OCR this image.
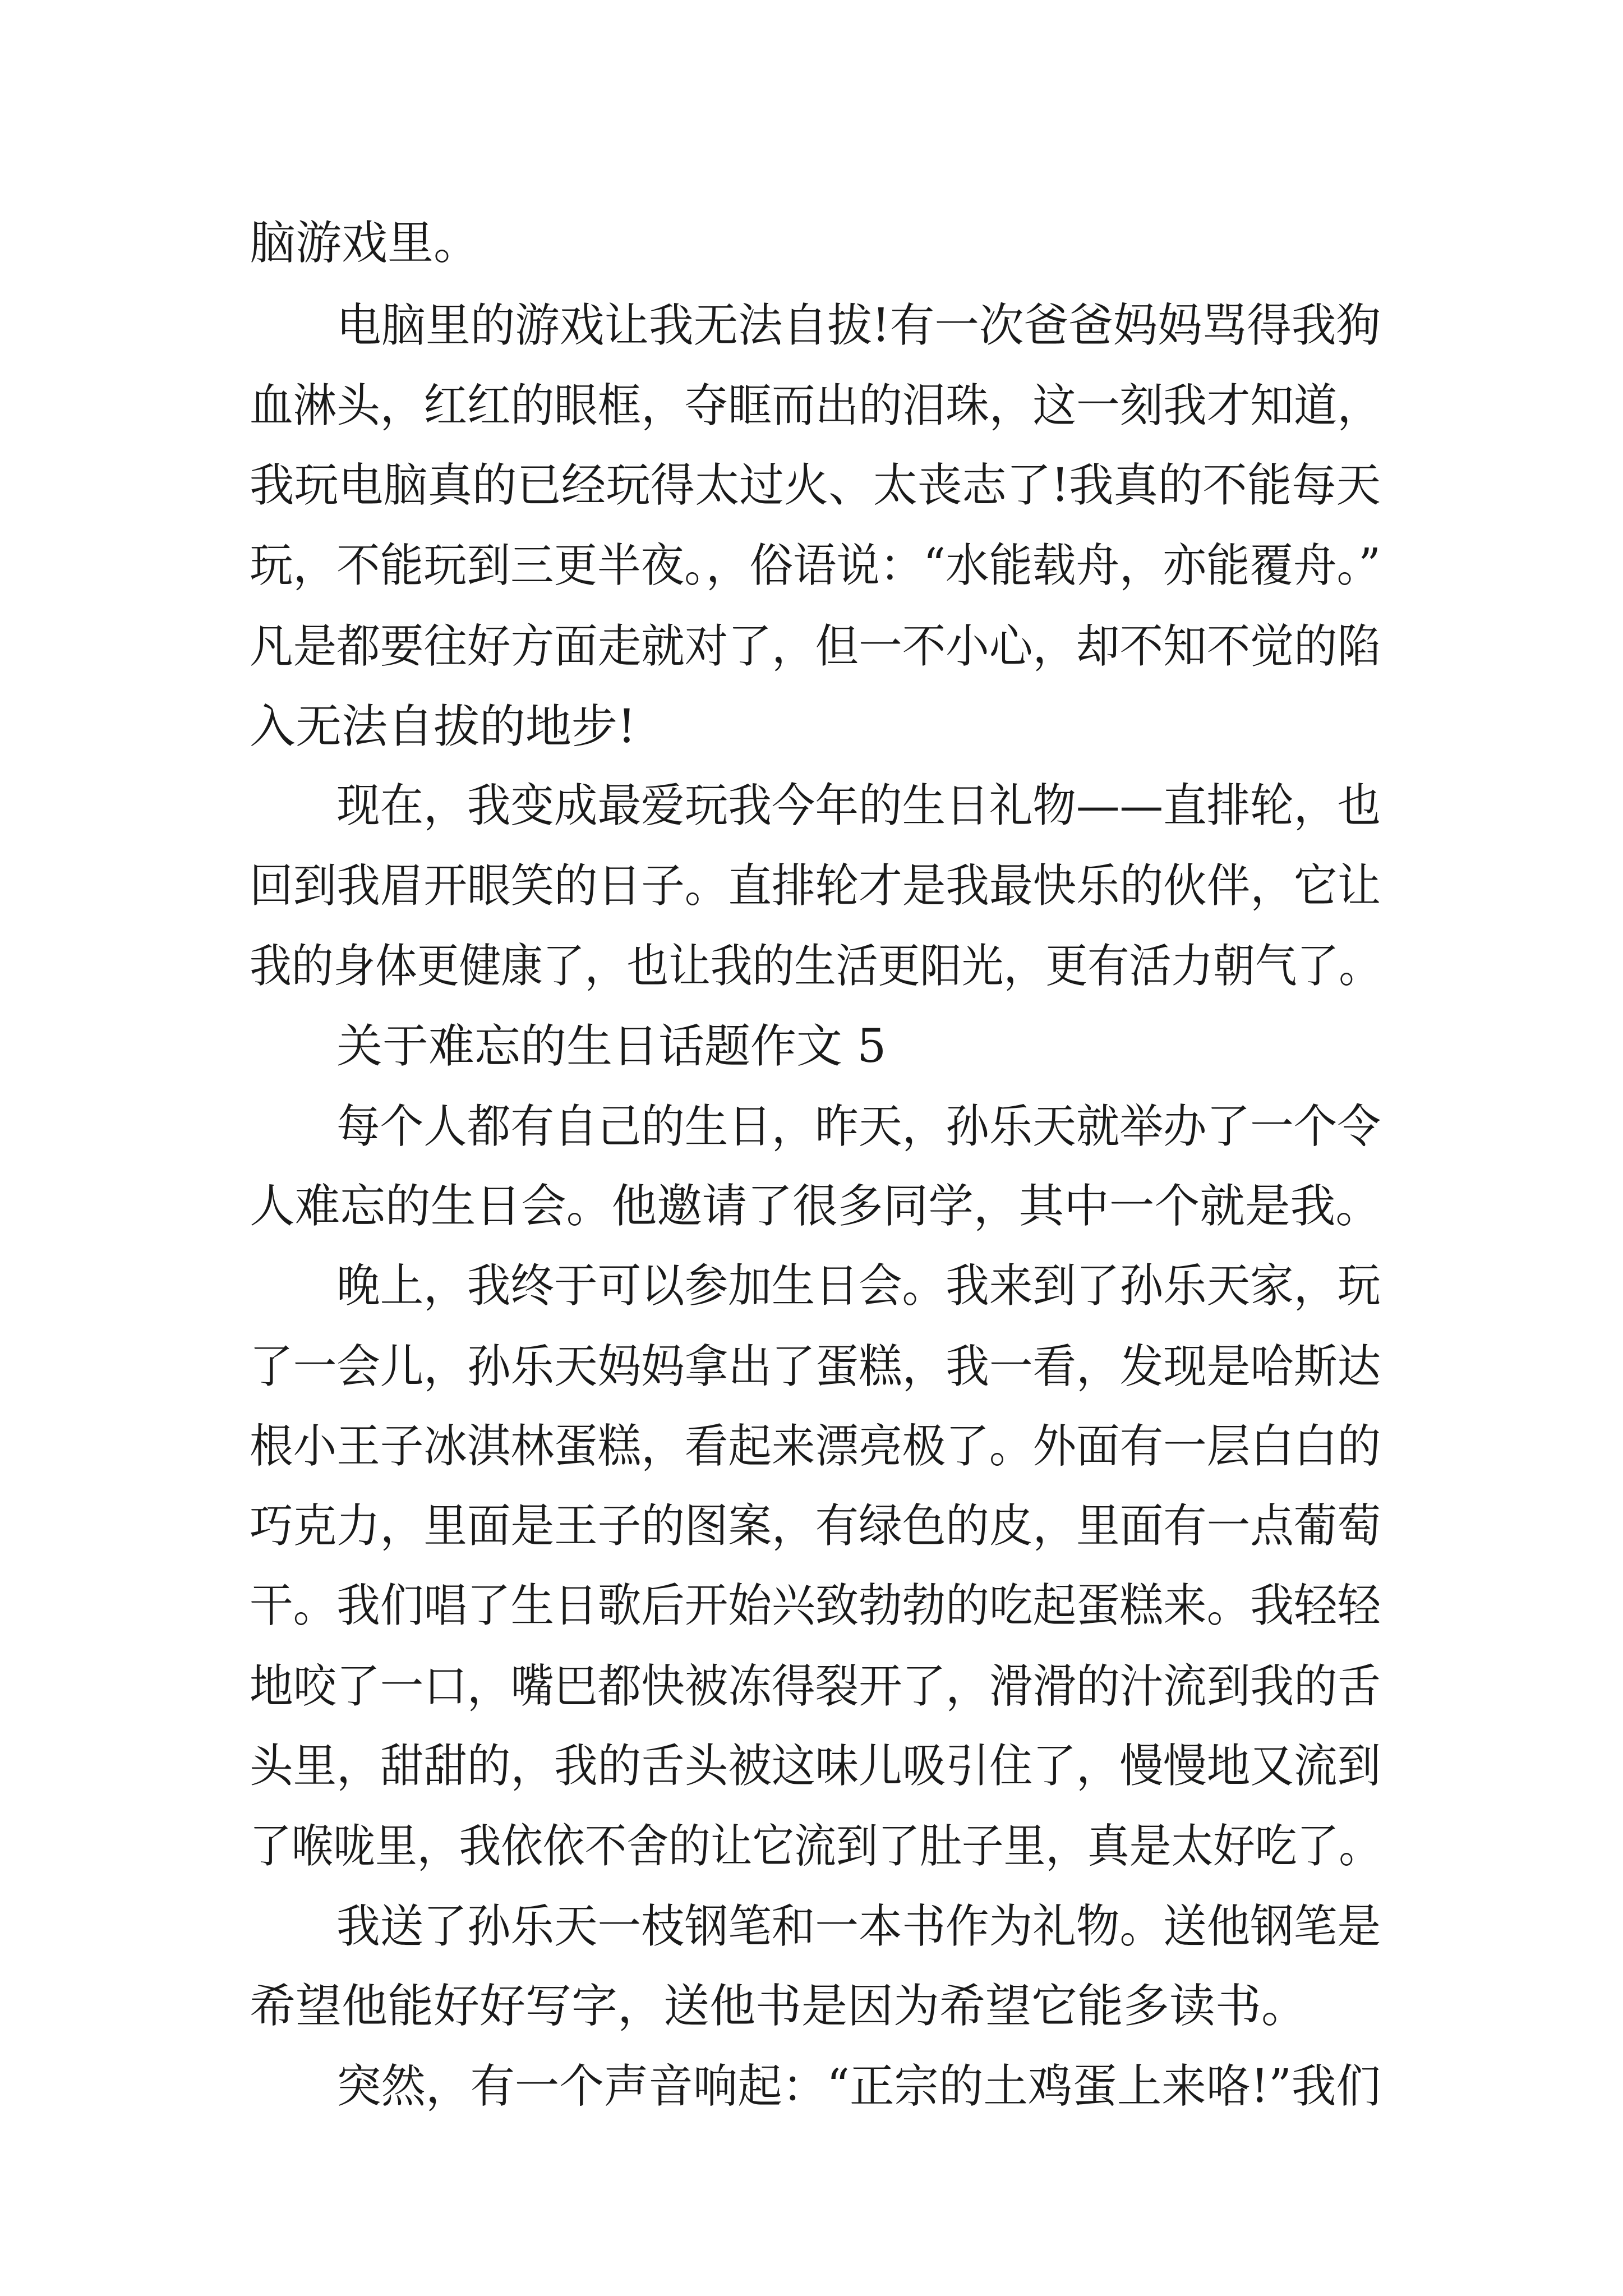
脑游戏里。
电脑里的游戏让我无法自拔!有一次爸爸妈妈骂得我狗
血淋头，红红的眼框，夺眶而出的泪珠，这一刻我才知道，
我玩电脑真的已经玩得太过火、太丧志了!我真的不能每天
玩，不能玩到三更半夜。，俗语说：“水能载舟，亦能覆舟。”
凡是都要往好方面走就对了，但一不小心，却不知不觉的陷
入无法自拔的地步!
现在，我变成最爱玩我今年的生日礼物——直排轮，也
回到我眉开眼笑的日子。直排轮才是我最快乐的伙伴，它让
我的身体更健康了，也让我的生活更阳光，更有活力朝气了。
关于难忘的生日话题作文 5
每个人都有自己的生日，昨天，孙乐天就举办了一个令
人难忘的生日会。他邀请了很多同学，其中一个就是我。
晚上，我终于可以参加生日会。我来到了孙乐天家，玩
了一会儿，孙乐天妈妈拿出了蛋糕，我一看，发现是哈斯达
根小王子冰淇林蛋糕，看起来漂亮极了。外面有一层白白的
巧克力，里面是王子的图案，有绿色的皮，里面有一点葡萄
干。我们唱了生日歌后开始兴致勃勃的吃起蛋糕来。我轻轻
地咬了一口，嘴巴都快被冻得裂开了，滑滑的汁流到我的舌
头里，甜甜的，我的舌头被这味儿吸引住了，慢慢地又流到
了喉咙里，我依依不舍的让它流到了肚子里，真是太好吃了。
我送了孙乐天一枝钢笔和一本书作为礼物。送他钢笔是
希望他能好好写字，送他书是因为希望它能多读书。
突然，有一个声音响起：“正宗的土鸡蛋上来咯!”我们
